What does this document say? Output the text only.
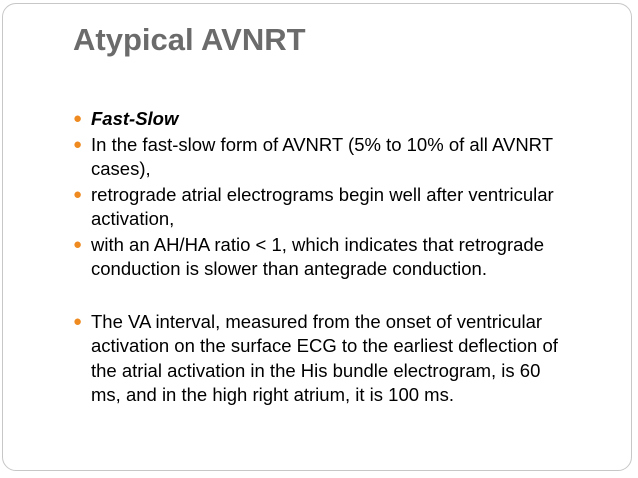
Atypical AVNRT
● Fast-Slow
● In the fast-slow form of AVNRT (5% to 10% of all AVNRT cases),
● retrograde atrial electrograms begin well after ventricular activation,
● with an AH/HA ratio < 1, which indicates that retrograde conduction is slower than antegrade conduction.
● The VA interval, measured from the onset of ventricular activation on the surface ECG to the earliest deflection of the atrial activation in the His bundle electrogram, is 60 ms, and in the high right atrium, it is 100 ms.
